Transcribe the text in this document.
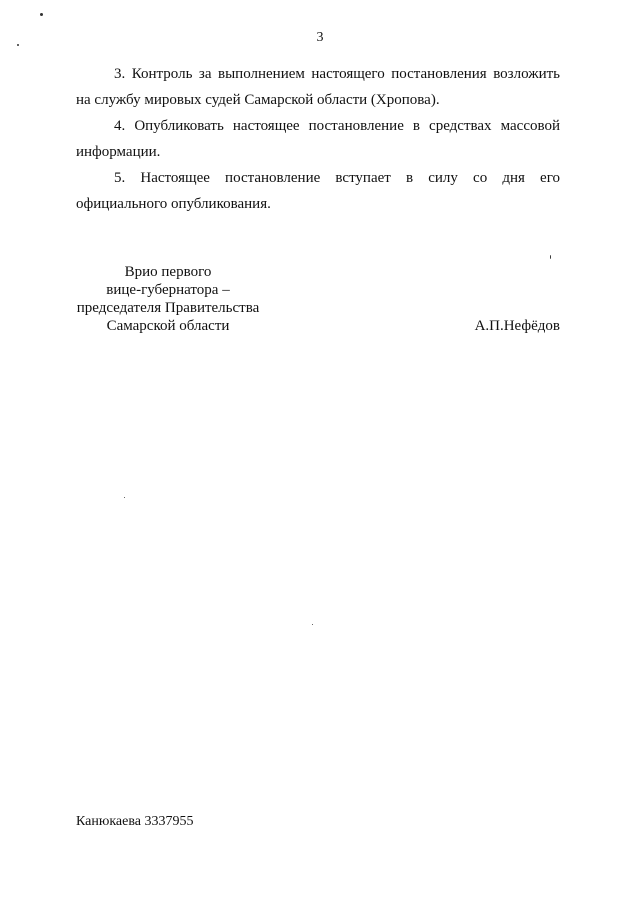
3

3. Контроль за выполнением настоящего постановления возложить на службу мировых судей Самарской области (Хропова).

4. Опубликовать настоящее постановление в средствах массовой информации.

5. Настоящее постановление вступает в силу со дня его официального опубликования.

Врио первого
вице-губернатора –
председателя Правительства
Самарской области	А.П.Нефёдов
Канюкаева 3337955
